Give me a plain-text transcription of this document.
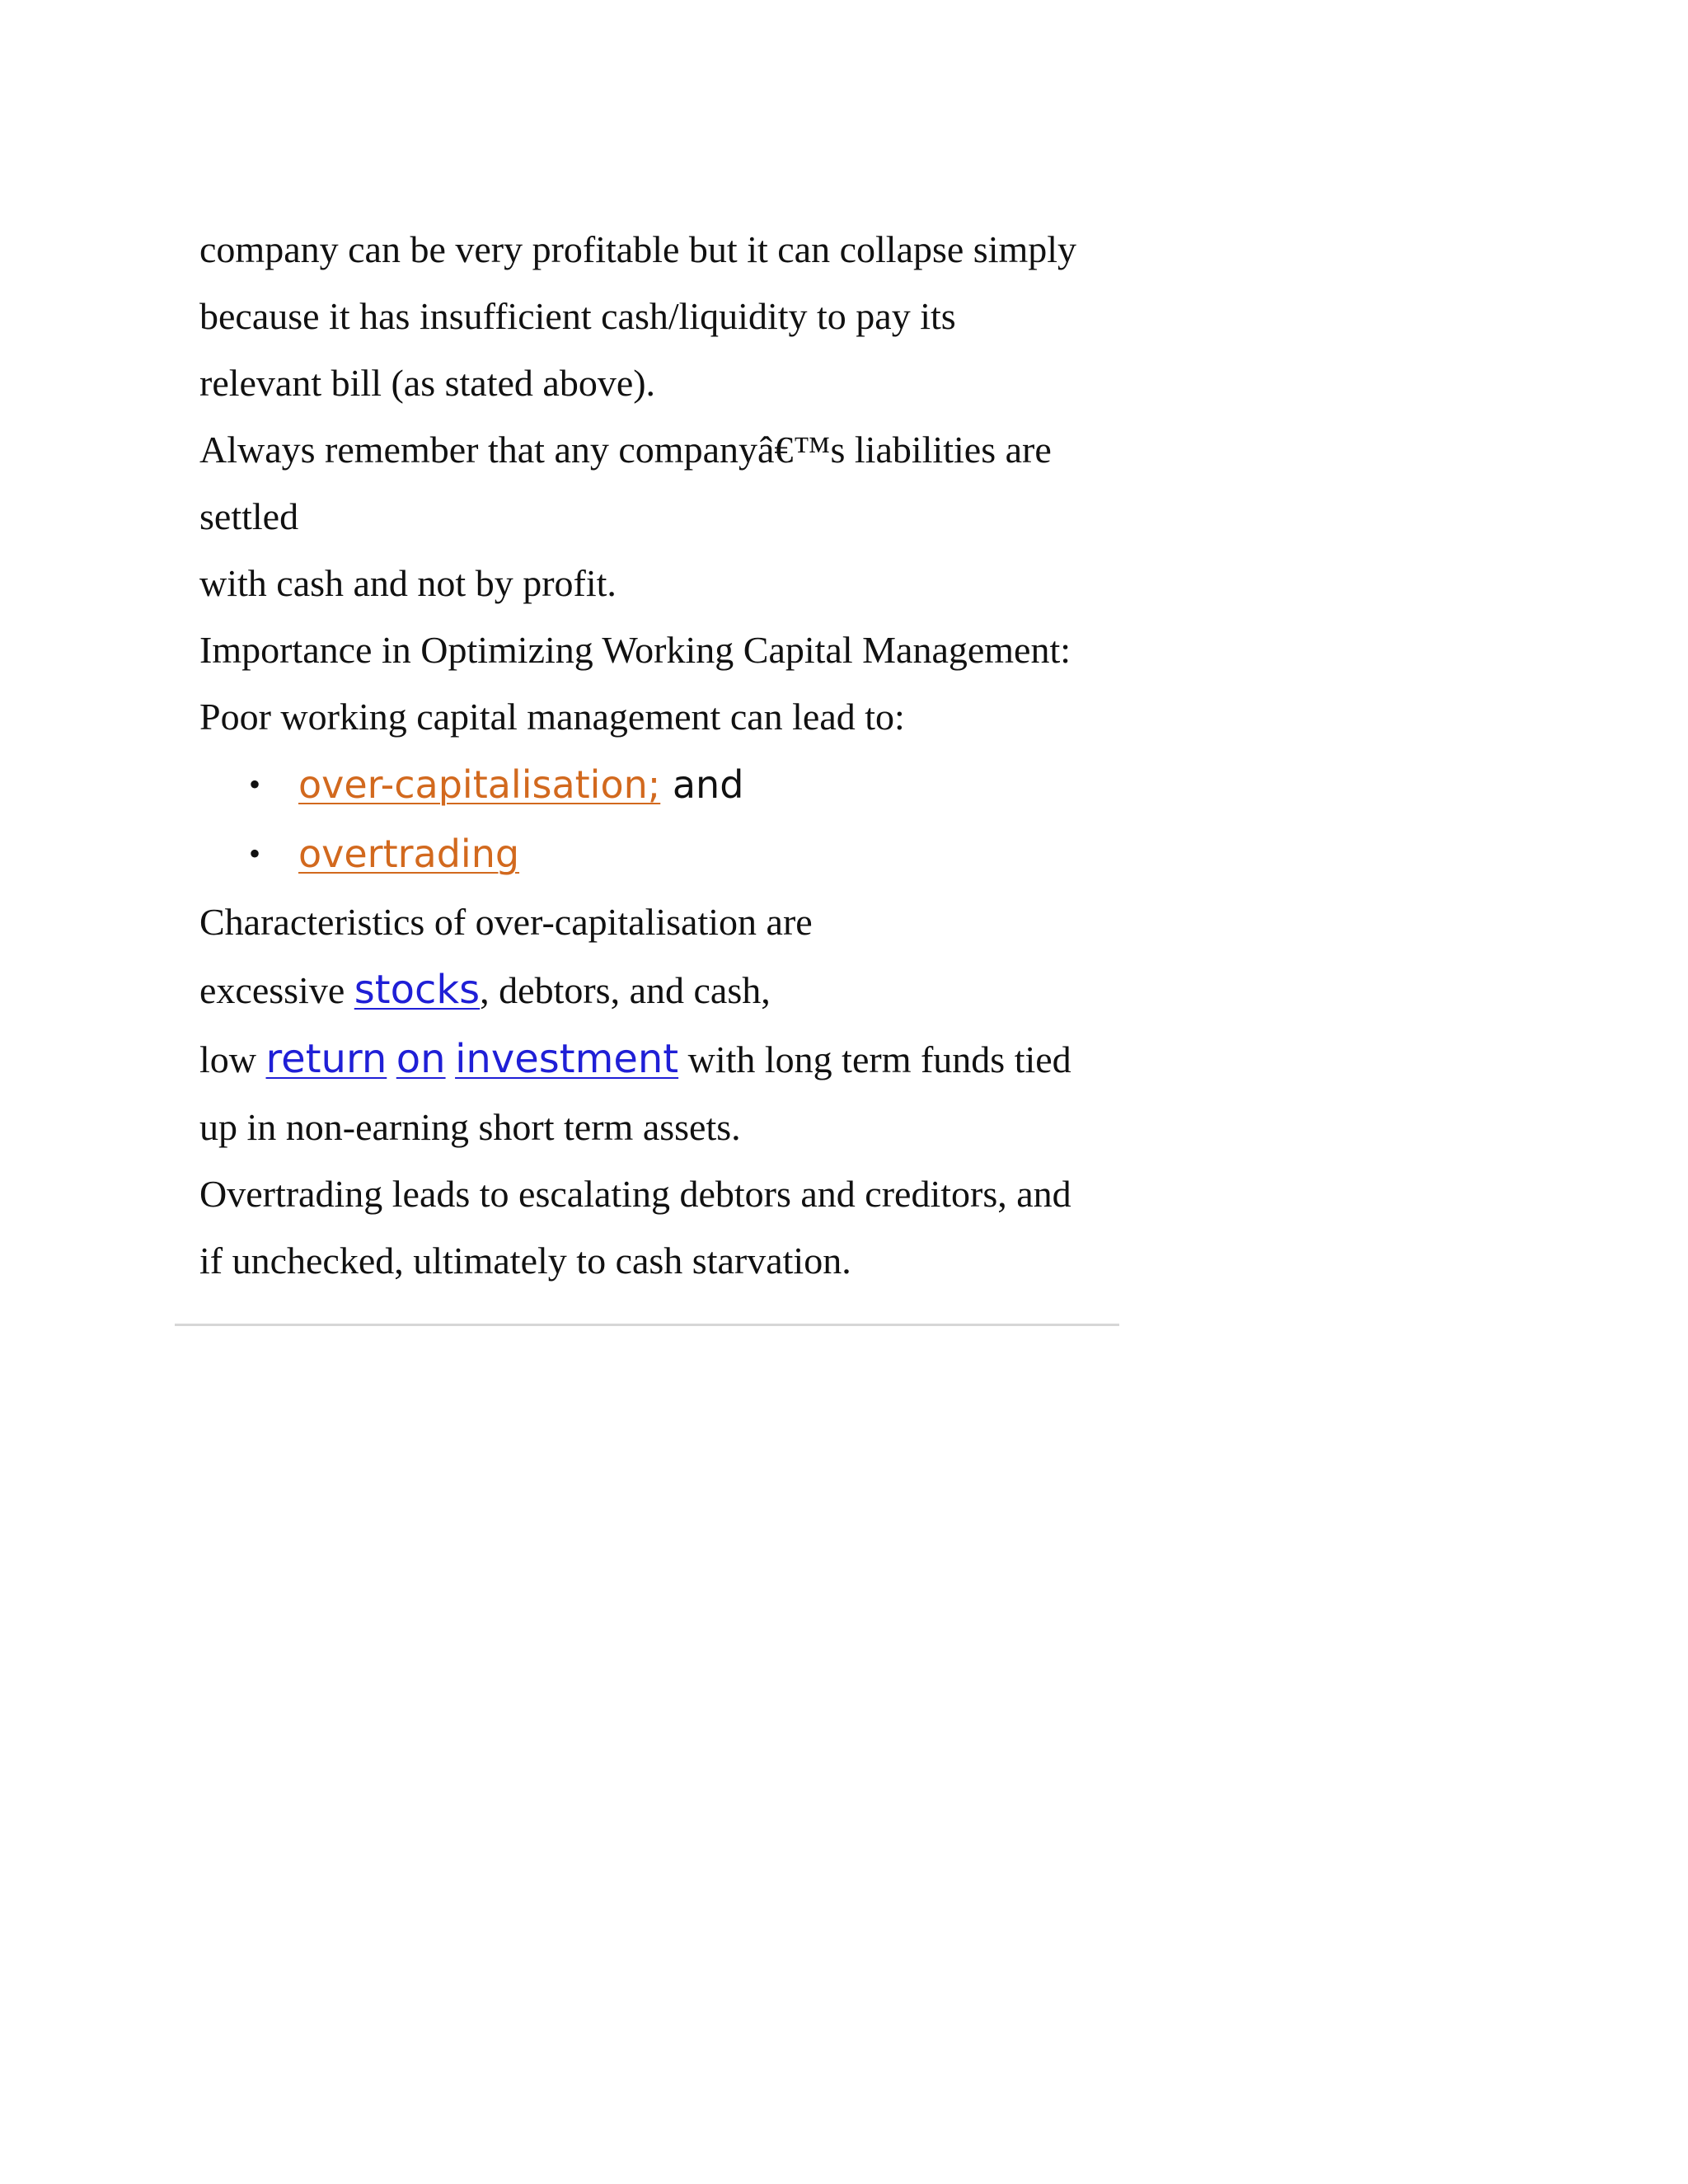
company can be very profitable but it can collapse simply
because it has insufficient cash/liquidity to pay its
relevant bill (as stated above).
Always remember that any companyâ€™s liabilities are
settled
with cash and not by profit.
Importance in Optimizing Working Capital Management:
Poor working capital management can lead to:
• over-capitalisation; and
• overtrading
Characteristics of over-capitalisation are
excessive stocks, debtors, and cash,
low return on investment with long term funds tied
up in non-earning short term assets.
Overtrading leads to escalating debtors and creditors, and
if unchecked, ultimately to cash starvation.
